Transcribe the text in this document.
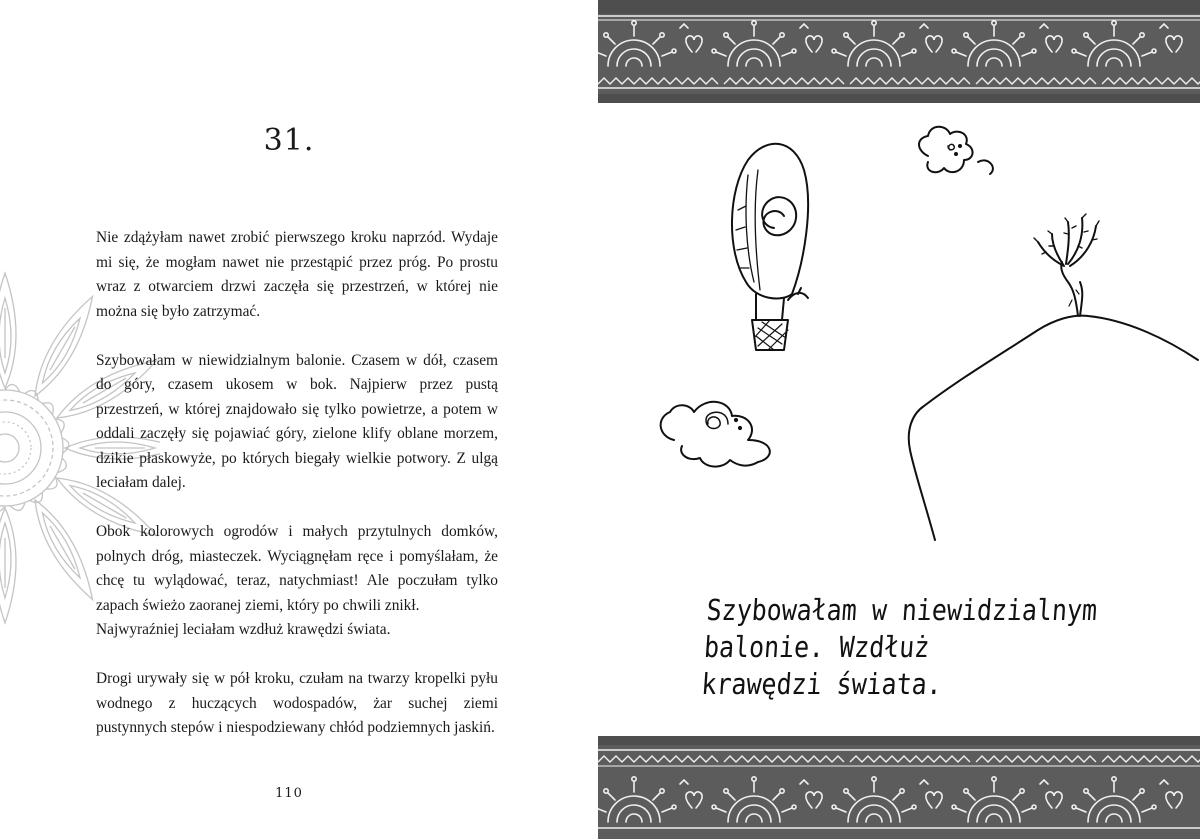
31.

Nie zdążyłam nawet zrobić pierwszego kroku naprzód. Wydaje mi się, że mogłam nawet nie przestąpić przez próg. Po prostu wraz z otwarciem drzwi zaczęła się przestrzeń, w której nie można się było zatrzymać.

Szybowałam w niewidzialnym balonie. Czasem w dół, czasem do góry, czasem ukosem w bok. Najpierw przez pustą przestrzeń, w której znajdowało się tylko powietrze, a potem w oddali zaczęły się pojawiać góry, zielone klify oblane morzem, dzikie płaskowyże, po których biegały wielkie potwory. Z ulgą leciałam dalej.

Obok kolorowych ogrodów i małych przytulnych domków, polnych dróg, miasteczek. Wyciągnęłam ręce i pomyślałam, że chcę tu wylądować, teraz, natychmiast! Ale poczułam tylko zapach świeżo zaoranej ziemi, który po chwili znikł.

Najwyraźniej leciałam wzdłuż krawędzi świata.

Drogi urywały się w pół kroku, czułam na twarzy kropelki pyłu wodnego z huczących wodospadów, żar suchej ziemi pustynnych stepów i niespodziewany chłód podziemnych jaskiń.

110
Szybowałam w niewidzialnym
balonie. Wzdłuż
krawędzi świata.
